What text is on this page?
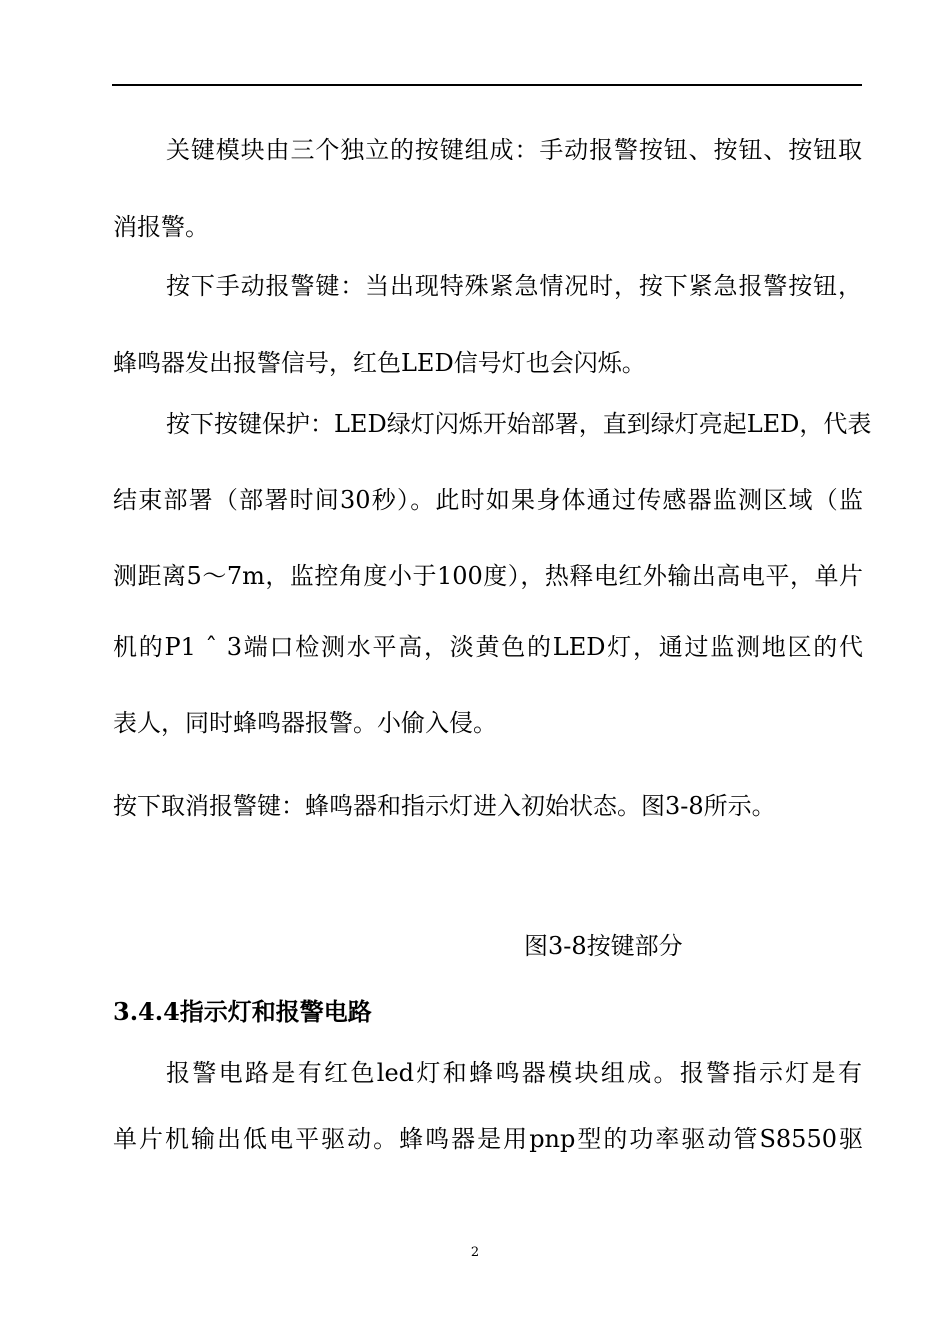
关键模块由三个独立的按键组成：手动报警按钮、按钮、按钮取
消报警。
按下手动报警键：当出现特殊紧急情况时，按下紧急报警按钮，
蜂鸣器发出报警信号，红色LED信号灯也会闪烁。
按下按键保护：LED绿灯闪烁开始部署，直到绿灯亮起LED，代表
结束部署（部署时间30秒）。此时如果身体通过传感器监测区域（监
测距离5～7m，监控角度小于100度），热释电红外输出高电平，单片
机的P1 ˆ 3端口检测水平高，淡黄色的LED灯，通过监测地区的代
表人，同时蜂鸣器报警。小偷入侵。
按下取消报警键：蜂鸣器和指示灯进入初始状态。图3-8所示。
图3-8按键部分
3.4.4指示灯和报警电路
报警电路是有红色led灯和蜂鸣器模块组成。报警指示灯是有
单片机输出低电平驱动。蜂鸣器是用pnp型的功率驱动管S8550驱
2
